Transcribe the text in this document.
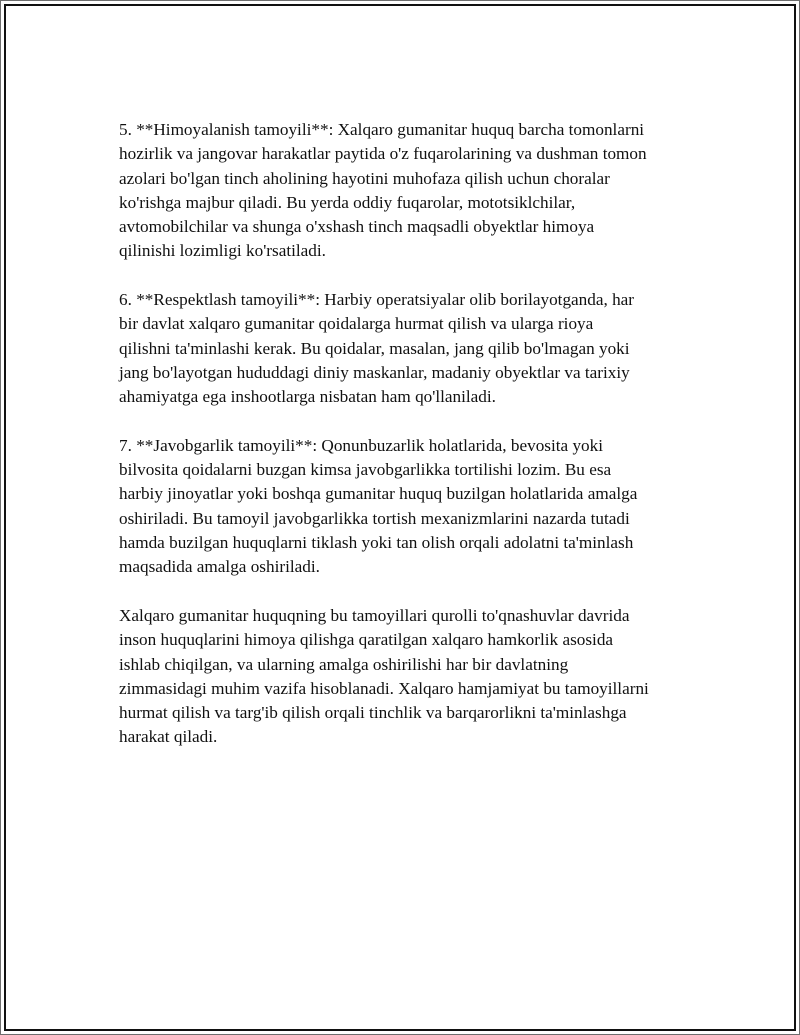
5. **Himoyalanish tamoyili**: Xalqaro gumanitar huquq barcha tomonlarni
hozirlik va jangovar harakatlar paytida o'z fuqarolarining va dushman tomon
azolari bo'lgan tinch aholining hayotini muhofaza qilish uchun choralar
ko'rishga majbur qiladi. Bu yerda oddiy fuqarolar, mototsiklchilar,
avtomobilchilar va shunga o'xshash tinch maqsadli obyektlar himoya
qilinishi lozimligi ko'rsatiladi.

6. **Respektlash tamoyili**: Harbiy operatsiyalar olib borilayotganda, har
bir davlat xalqaro gumanitar qoidalarga hurmat qilish va ularga rioya
qilishni ta'minlashi kerak. Bu qoidalar, masalan, jang qilib bo'lmagan yoki
jang bo'layotgan hududdagi diniy maskanlar, madaniy obyektlar va tarixiy
ahamiyatga ega inshootlarga nisbatan ham qo'llaniladi.

7. **Javobgarlik tamoyili**: Qonunbuzarlik holatlarida, bevosita yoki
bilvosita qoidalarni buzgan kimsa javobgarlikka tortilishi lozim. Bu esa
harbiy jinoyatlar yoki boshqa gumanitar huquq buzilgan holatlarida amalga
oshiriladi. Bu tamoyil javobgarlikka tortish mexanizmlarini nazarda tutadi
hamda buzilgan huquqlarni tiklash yoki tan olish orqali adolatni ta'minlash
maqsadida amalga oshiriladi.

Xalqaro gumanitar huquqning bu tamoyillari qurolli to'qnashuvlar davrida
inson huquqlarini himoya qilishga qaratilgan xalqaro hamkorlik asosida
ishlab chiqilgan, va ularning amalga oshirilishi har bir davlatning
zimmasidagi muhim vazifa hisoblanadi. Xalqaro hamjamiyat bu tamoyillarni
hurmat qilish va targ'ib qilish orqali tinchlik va barqarorlikni ta'minlashga
harakat qiladi.
